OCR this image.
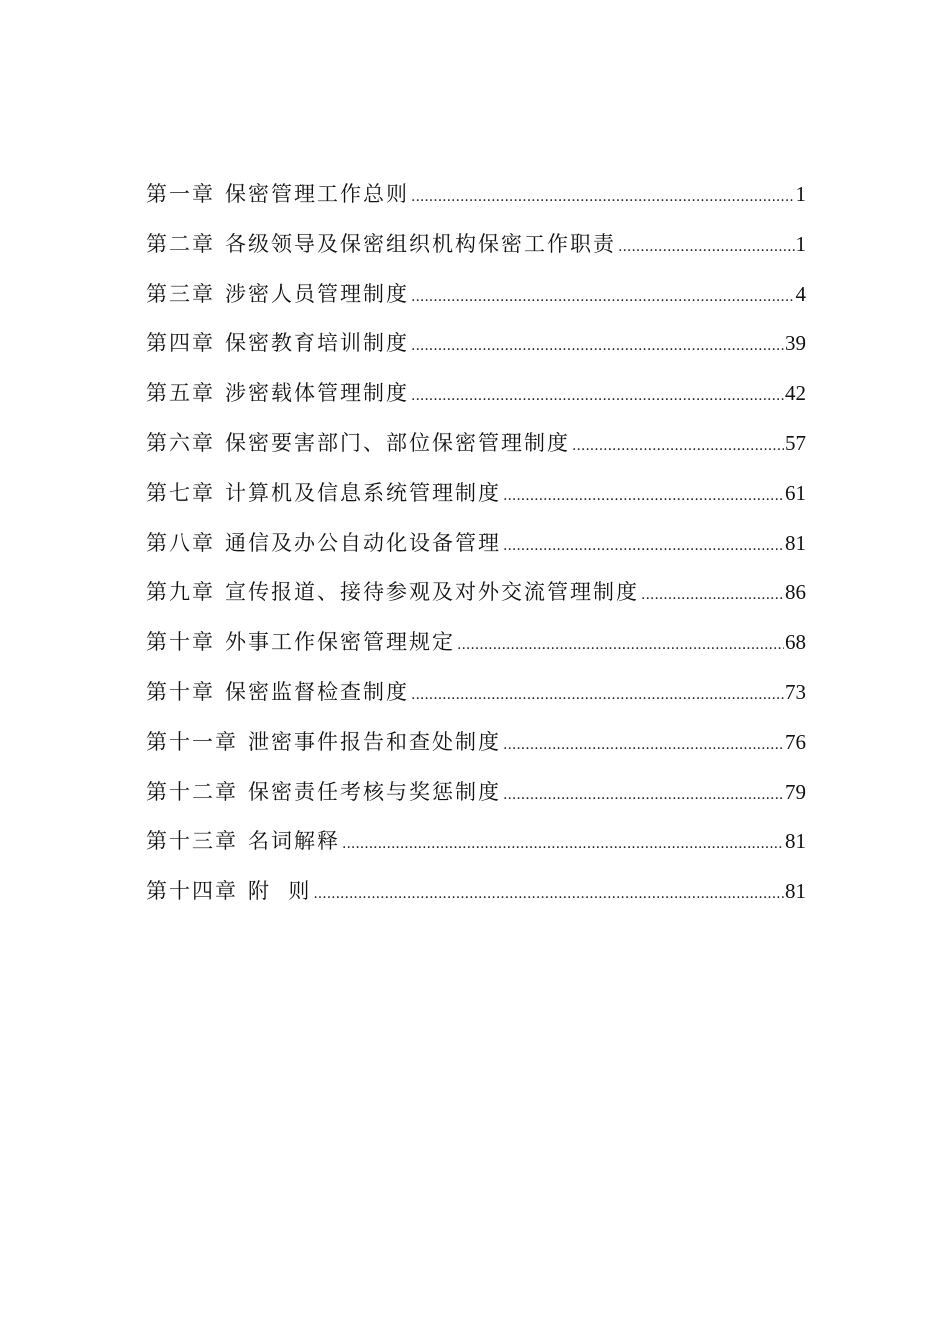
第一章 保密管理工作总则 .....	1
第二章 各级领导及保密组织机构保密工作职责 .....	1
第三章 涉密人员管理制度 .....	4
第四章 保密教育培训制度 .....	39
第五章 涉密载体管理制度 .....	42
第六章 保密要害部门、部位保密管理制度 .....	57
第七章 计算机及信息系统管理制度 .....	61
第八章 通信及办公自动化设备管理 .....	81
第九章 宣传报道、接待参观及对外交流管理制度 .....	86
第十章 外事工作保密管理规定 .....	68
第十章 保密监督检查制度 .....	73
第十一章 泄密事件报告和查处制度 .....	76
第十二章 保密责任考核与奖惩制度 .....	79
第十三章 名词解释 .....	81
第十四章 附  则 .....	81
